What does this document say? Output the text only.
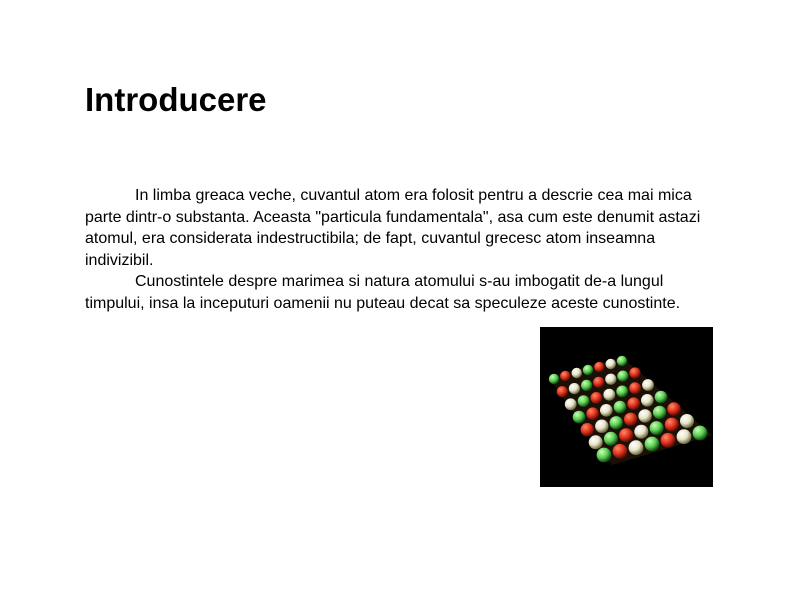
Introducere

In limba greaca veche, cuvantul atom era folosit pentru a descrie cea mai mica parte dintr-o substanta. Aceasta "particula fundamentala", asa cum este denumit astazi atomul, era considerata indestructibila; de fapt, cuvantul grecesc atom inseamna indivizibil.

Cunostintele despre marimea si natura atomului s-au imbogatit de-a lungul timpului, insa la inceputuri oamenii nu puteau decat sa speculeze aceste cunostinte.
